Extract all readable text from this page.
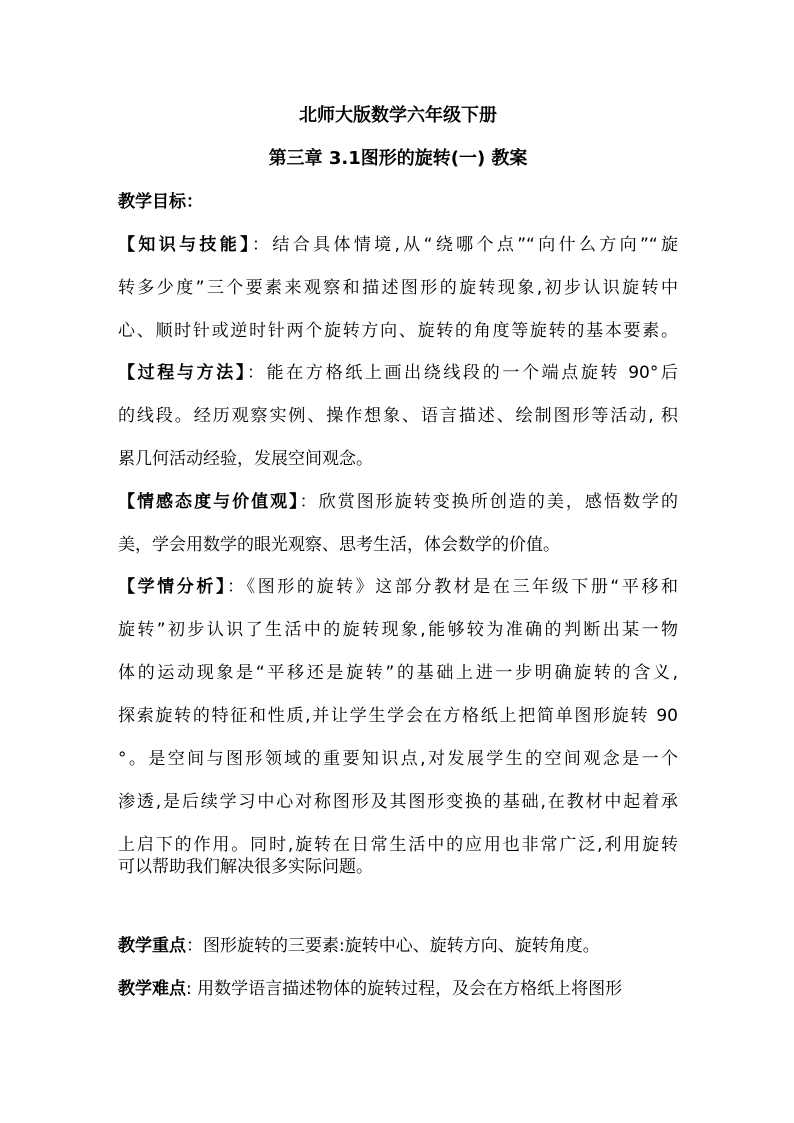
北师大版数学六年级下册
第三章 3.1图形的旋转(一) 教案
教学目标：
【知识与技能】：结合具体情境,从“绕哪个点”“向什么方向”“旋
转多少度”三个要素来观察和描述图形的旋转现象,初步认识旋转中
心、顺时针或逆时针两个旋转方向、旋转的角度等旋转的基本要素。
【过程与方法】：能在方格纸上画出绕线段的一个端点旋转 90°后
的线段。经历观察实例、操作想象、语言描述、绘制图形等活动, 积
累几何活动经验，发展空间观念。
【情感态度与价值观】：欣赏图形旋转变换所创造的美，感悟数学的
美，学会用数学的眼光观察、思考生活，体会数学的价值。
【学情分析】：《图形的旋转》这部分教材是在三年级下册“平移和
旋转”初步认识了生活中的旋转现象,能够较为准确的判断出某一物
体的运动现象是“平移还是旋转”的基础上进一步明确旋转的含义,
探索旋转的特征和性质,并让学生学会在方格纸上把简单图形旋转 90
°。是空间与图形领域的重要知识点,对发展学生的空间观念是一个
渗透,是后续学习中心对称图形及其图形变换的基础,在教材中起着承
上启下的作用。同时,旋转在日常生活中的应用也非常广泛,利用旋转
可以帮助我们解决很多实际问题。
教学重点：图形旋转的三要素:旋转中心、旋转方向、旋转角度。
教学难点: 用数学语言描述物体的旋转过程，及会在方格纸上将图形
